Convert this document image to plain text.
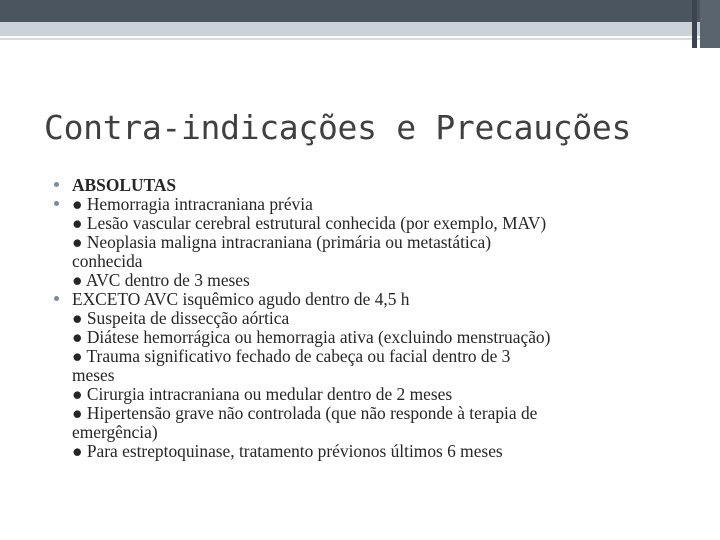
Contra-indicações e Precauções
ABSOLUTAS
● Hemorragia intracraniana prévia
● Lesão vascular cerebral estrutural conhecida (por exemplo, MAV)
● Neoplasia maligna intracraniana (primária ou metastática)
conhecida
● AVC dentro de 3 meses
EXCETO AVC isquêmico agudo dentro de 4,5 h
● Suspeita de dissecção aórtica
● Diátese hemorrágica ou hemorragia ativa (excluindo menstruação)
● Trauma significativo fechado de cabeça ou facial dentro de 3
meses
● Cirurgia intracraniana ou medular dentro de 2 meses
● Hipertensão grave não controlada (que não responde à terapia de
emergência)
● Para estreptoquinase, tratamento prévionos últimos 6 meses
